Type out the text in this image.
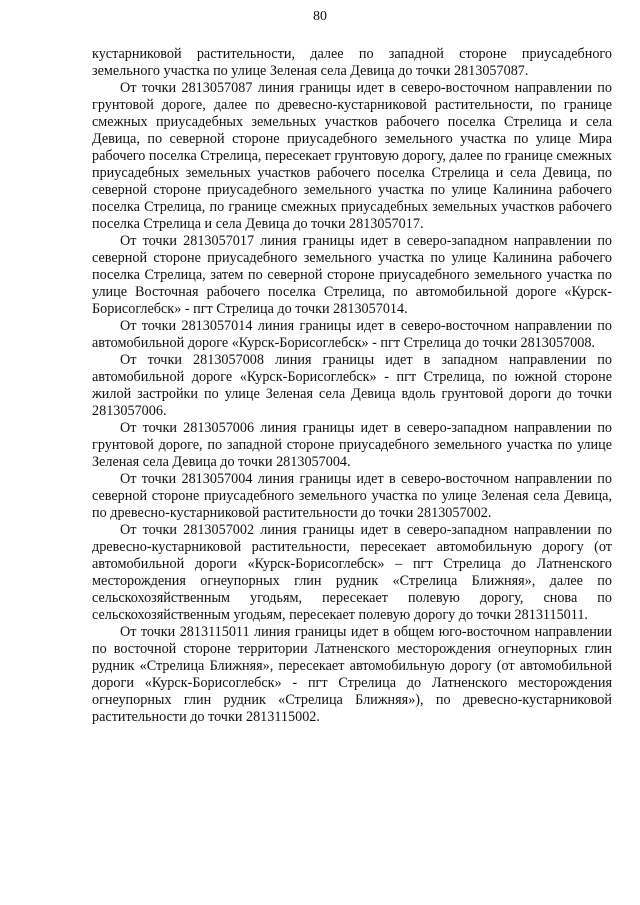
80

кустарниковой растительности, далее по западной стороне приусадебного земельного участка по улице Зеленая села Девица до точки 2813057087.

От точки 2813057087 линия границы идет в северо-восточном направлении по грунтовой дороге, далее по древесно-кустарниковой растительности, по границе смежных приусадебных земельных участков рабочего поселка Стрелица и села Девица, по северной стороне приусадебного земельного участка по улице Мира рабочего поселка Стрелица, пересекает грунтовую дорогу, далее по границе смежных приусадебных земельных участков рабочего поселка Стрелица и села Девица, по северной стороне приусадебного земельного участка по улице Калинина рабочего поселка Стрелица, по границе смежных приусадебных земельных участков рабочего поселка Стрелица и села Девица до точки 2813057017.

От точки 2813057017 линия границы идет в северо-западном направлении по северной стороне приусадебного земельного участка по улице Калинина рабочего поселка Стрелица, затем по северной стороне приусадебного земельного участка по улице Восточная рабочего поселка Стрелица, по автомобильной дороге «Курск-Борисоглебск» - пгт Стрелица до точки 2813057014.

От точки 2813057014 линия границы идет в северо-восточном направлении по автомобильной дороге «Курск-Борисоглебск» - пгт Стрелица до точки 2813057008.

От точки 2813057008 линия границы идет в западном направлении по автомобильной дороге «Курск-Борисоглебск» - пгт Стрелица, по южной стороне жилой застройки по улице Зеленая села Девица вдоль грунтовой дороги до точки 2813057006.

От точки 2813057006 линия границы идет в северо-западном направлении по грунтовой дороге, по западной стороне приусадебного земельного участка по улице Зеленая села Девица до точки 2813057004.

От точки 2813057004 линия границы идет в северо-восточном направлении по северной стороне приусадебного земельного участка по улице Зеленая села Девица, по древесно-кустарниковой растительности до точки 2813057002.

От точки 2813057002 линия границы идет в северо-западном направлении по древесно-кустарниковой растительности, пересекает автомобильную дорогу (от автомобильной дороги «Курск-Борисоглебск» – пгт Стрелица до Латненского месторождения огнеупорных глин рудник «Стрелица Ближняя», далее по сельскохозяйственным угодьям, пересекает полевую дорогу, снова по сельскохозяйственным угодьям, пересекает полевую дорогу до точки 2813115011.

От точки 2813115011 линия границы идет в общем юго-восточном направлении по восточной стороне территории Латненского месторождения огнеупорных глин рудник «Стрелица Ближняя», пересекает автомобильную дорогу (от автомобильной дороги «Курск-Борисоглебск» - пгт Стрелица до Латненского месторождения огнеупорных глин рудник «Стрелица Ближняя»), по древесно-кустарниковой растительности до точки 2813115002.
